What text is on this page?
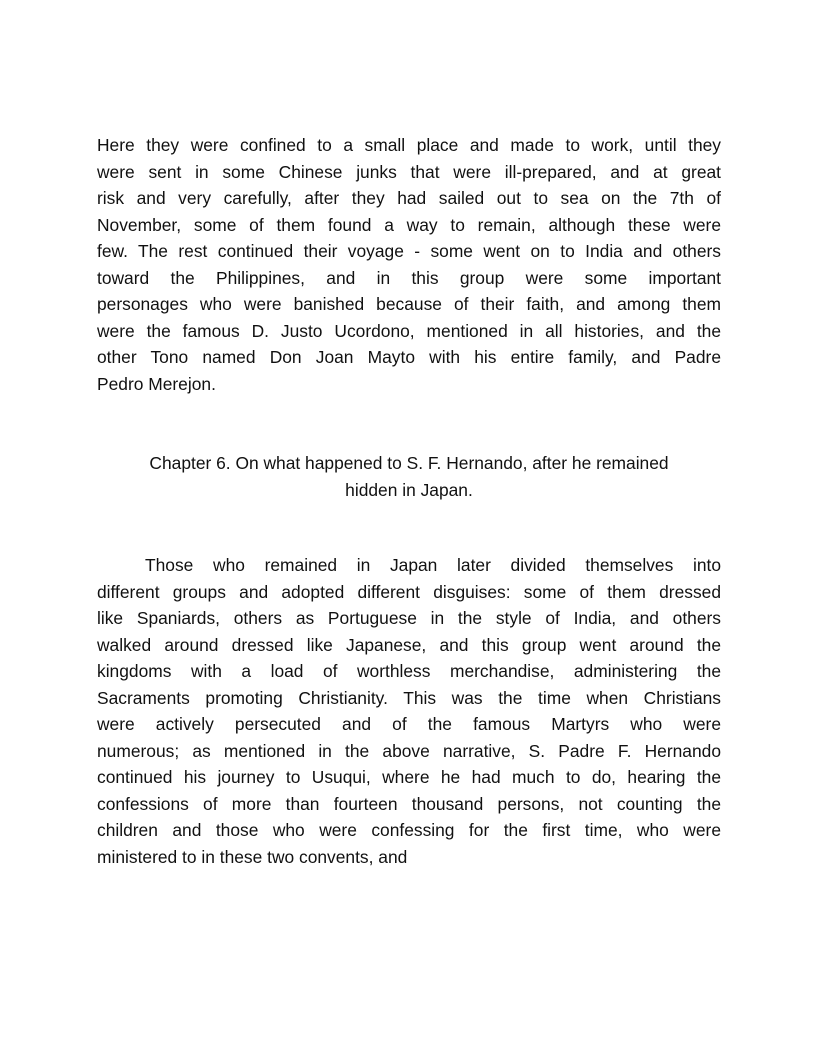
Here they were confined to a small place and made to work, until they
were sent in some Chinese junks that were ill-prepared, and at great
risk and very carefully, after they had sailed out to sea on the 7th of
November, some of them found a way to remain, although these were
few. The rest continued their voyage - some went on to India and others
toward the Philippines, and in this group were some important
personages who were banished because of their faith, and among them
were the famous D. Justo Ucordono, mentioned in all histories, and the
other Tono named Don Joan Mayto with his entire family, and Padre
Pedro Merejon.

Chapter 6. On what happened to S. F. Hernando, after he remained
hidden in Japan.

Those who remained in Japan later divided themselves into
different groups and adopted different disguises: some of them dressed
like Spaniards, others as Portuguese in the style of India, and others
walked around dressed like Japanese, and this group went around the
kingdoms with a load of worthless merchandise, administering the
Sacraments promoting Christianity. This was the time when Christians
were actively persecuted and of the famous Martyrs who were
numerous; as mentioned in the above narrative, S. Padre F. Hernando
continued his journey to Usuqui, where he had much to do, hearing the
confessions of more than fourteen thousand persons, not counting the
children and those who were confessing for the first time, who were
ministered to in these two convents, and
